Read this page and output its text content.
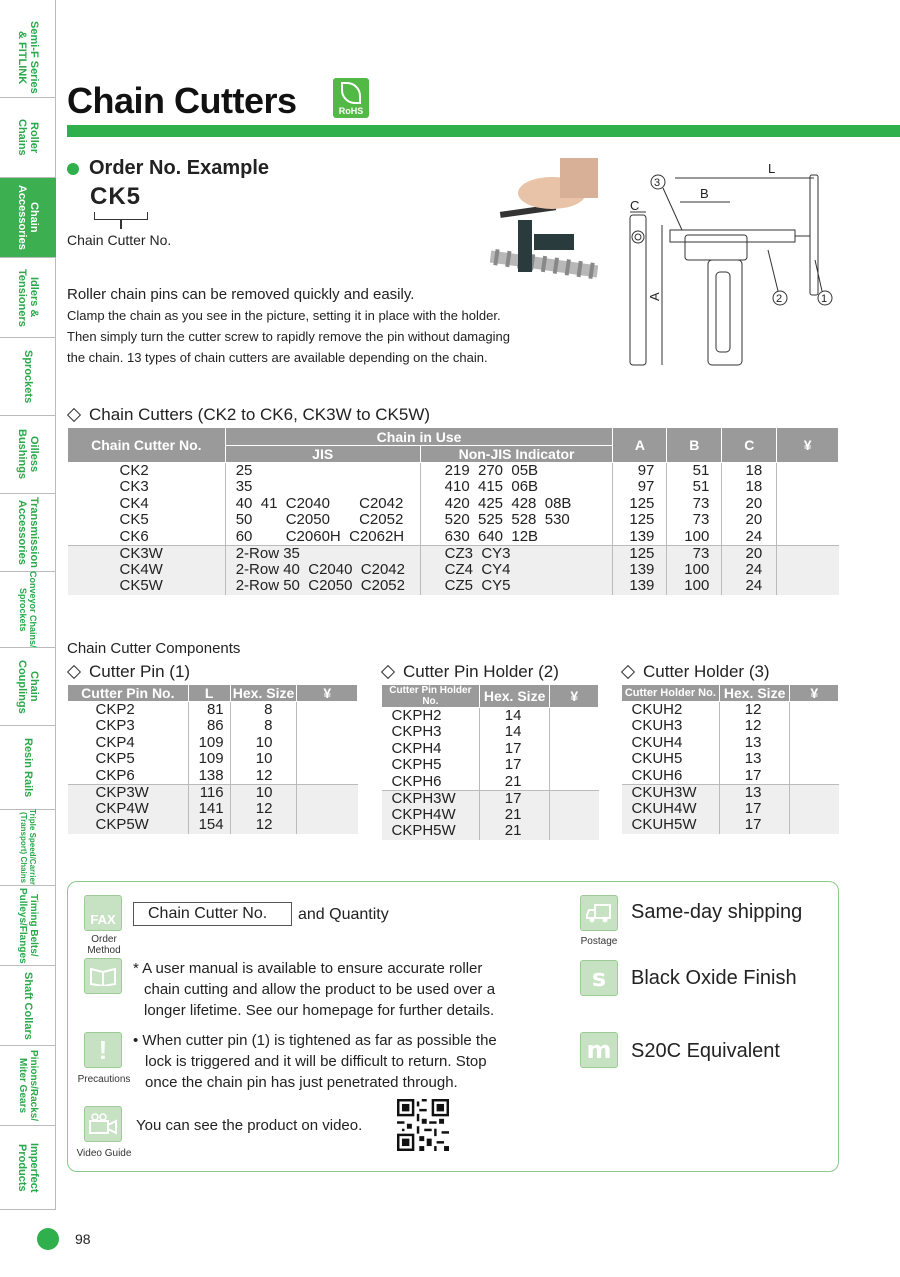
Semi-F Series
& FITLINK
Roller
Chains
Chain
Accessories
Idlers &
Tensioners
Sprockets
Oilless
Bushings
Transmission
Accessories
Conveyor Chains/
Sprockets
Chain
Couplings
Resin Rails
Triple Speed/Carrier
(Transport) Chains
Timing Belts/
Pulleys/Flanges
Shaft Collars
Pinions/Racks/
Miter Gears
Imperfect
Products
Chain Cutters	RoHS
Order No. Example
CK5
Chain Cutter No.
Roller chain pins can be removed quickly and easily.
Clamp the chain as you see in the picture, setting it in place with the holder.
Then simply turn the cutter screw to rapidly remove the pin without damaging
the chain. 13 types of chain cutters are available depending on the chain.
L
B
C
A
3
2	1
Chain Cutters (CK2 to CK6, CK3W to CK5W)
Chain Cutter No.	Chain in Use		A	B	C	¥
	JIS	Non-JIS Indicator				
CK2	25	219  270  05B	97	51	18	
CK3	35	410  415  06B	97	51	18	
CK4	40  41  C2040       C2042	420  425  428  08B	125	73	20	
CK5	50        C2050       C2052	520  525  528  530	125	73	20	
CK6	60        C2060H  C2062H	630  640  12B	139	100	24	
CK3W	2-Row 35	CZ3  CY3	125	73	20	
CK4W	2-Row 40  C2040  C2042	CZ4  CY4	139	100	24	
CK5W	2-Row 50  C2050  C2052	CZ5  CY5	139	100	24	
Chain Cutter Components
Cutter Pin (1)
Cutter Pin No.	L	Hex. Size	¥
CKP2	81	8	
CKP3	86	8	
CKP4	109	10	
CKP5	109	10	
CKP6	138	12	
CKP3W	116	10	
CKP4W	141	12	
CKP5W	154	12	
Cutter Pin Holder (2)
Cutter Pin Holder No.	Hex. Size	¥
CKPH2	14	
CKPH3	14	
CKPH4	17	
CKPH5	17	
CKPH6	21	
CKPH3W	17	
CKPH4W	21	
CKPH5W	21	
Cutter Holder (3)
Cutter Holder No.	Hex. Size	¥
CKUH2	12	
CKUH3	12	
CKUH4	13	
CKUH5	13	
CKUH6	17	
CKUH3W	13	
CKUH4W	17	
CKUH5W	17	
FAX
Order Method
Chain Cutter No.	and Quantity
* A user manual is available to ensure accurate roller
chain cutting and allow the product to be used over a
longer lifetime. See our homepage for further details.
!
Precautions
• When cutter pin (1) is tightened as far as possible the
lock is triggered and it will be difficult to return. Stop
once the chain pin has just penetrated through.
Video Guide
You can see the product on video.
Postage
Same-day shipping
s	Black Oxide Finish
m S20C Equivalent
98
